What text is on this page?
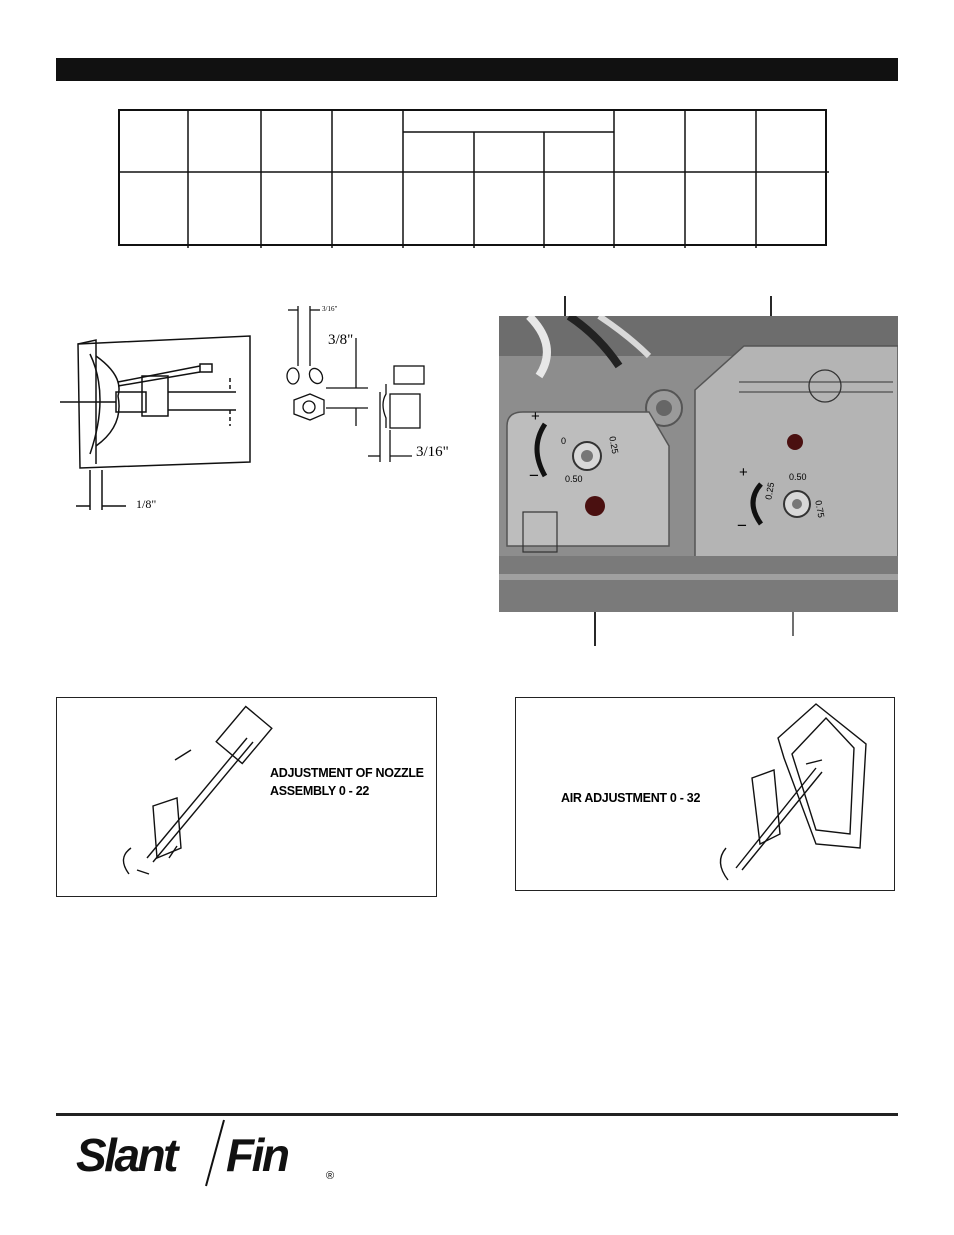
1/8"
3/16"
3/8"
3/16"
+
−
0	0.25
0.50	+
−
0.25
0.50
0.75
ADJUSTMENT OF NOZZLE
ASSEMBLY 0 - 22	AIR ADJUSTMENT 0 - 32
Slant Fin	®
